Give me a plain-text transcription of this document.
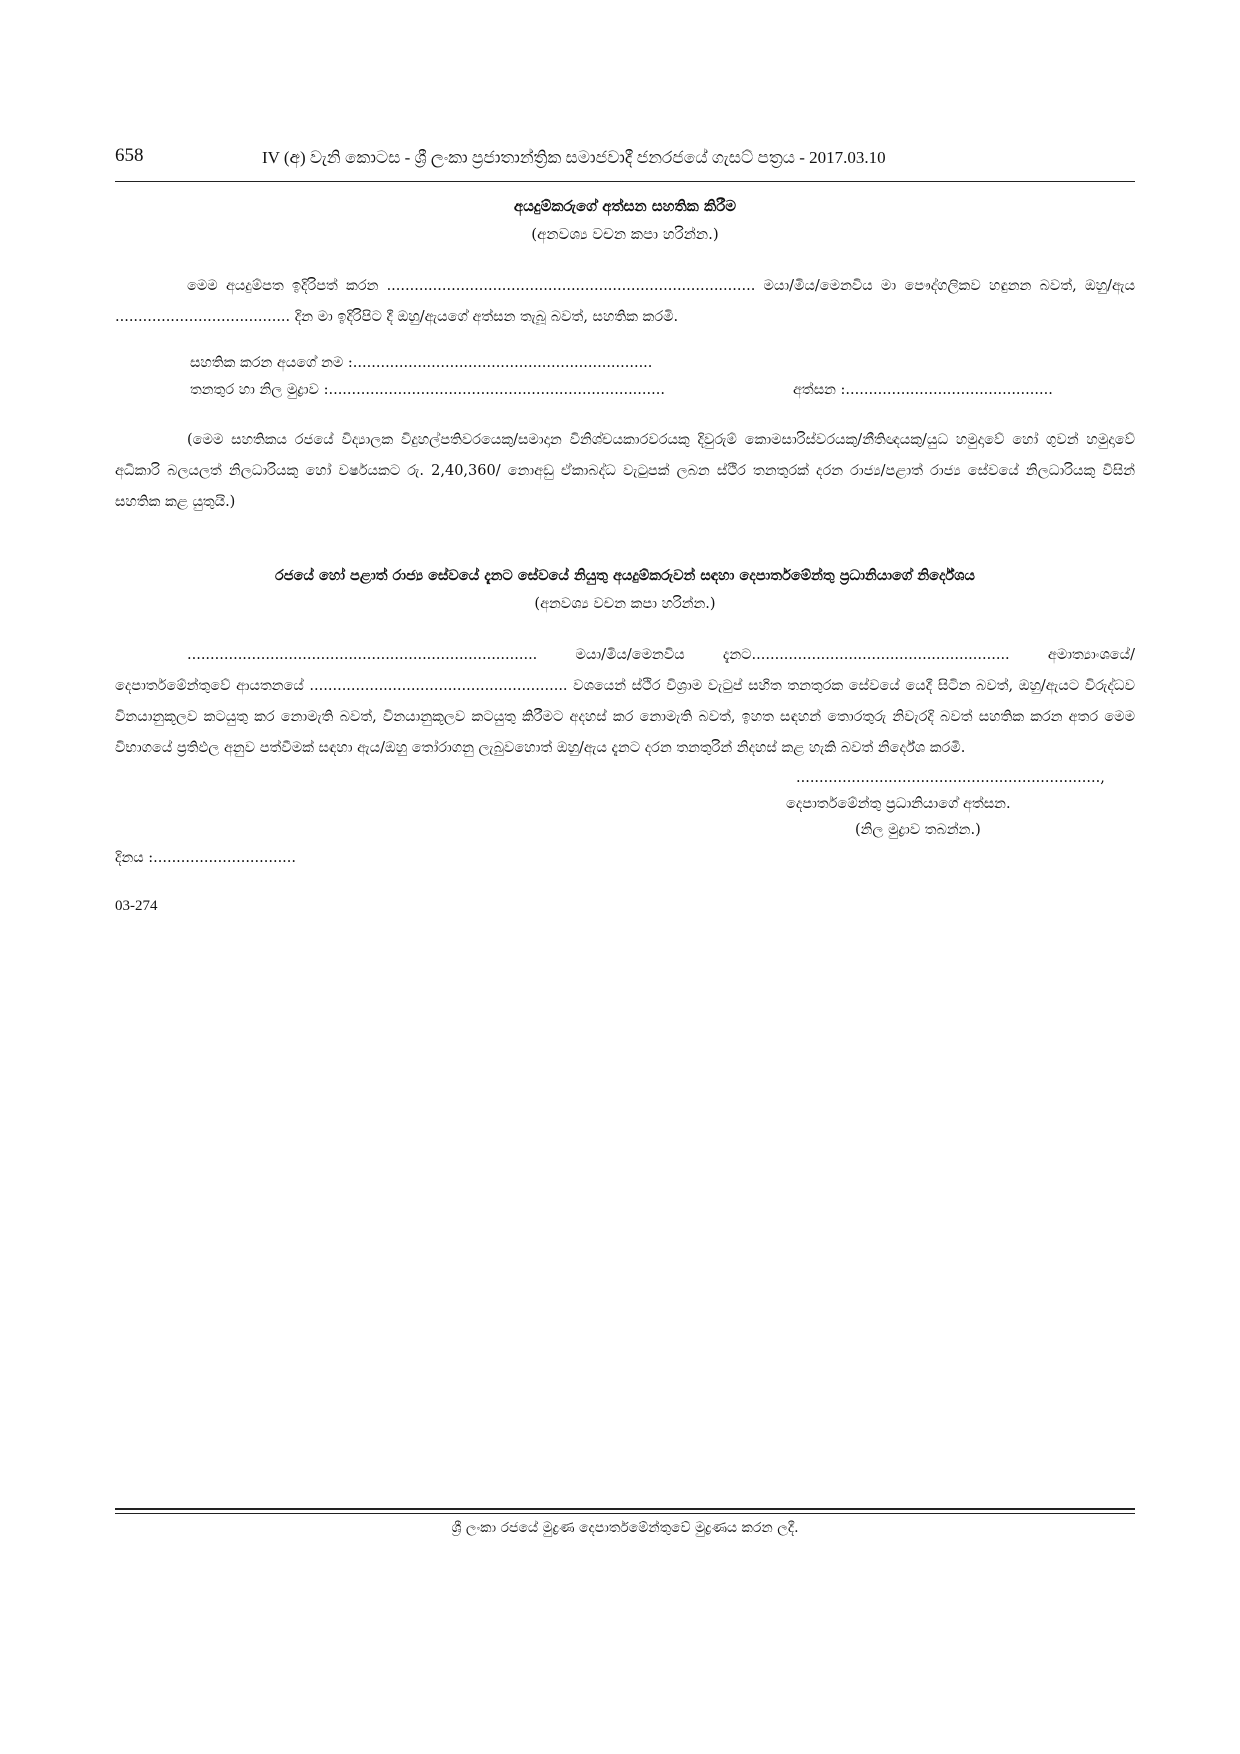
658	IV (අ) වැනි කොටස - ශ්‍රී ලංකා ප්‍රජාතාන්ත්‍රික සමාජවාදී ජනරජයේ ගැසට් පත්‍රය - 2017.03.10
අයදුම්කරුගේ අත්සන සහතික කිරීම
(අනවශ්‍ය වචන කපා හරින්න.)

මෙම අයදුම්පත ඉදිරිපත් කරන ................................................................................ මයා/මිය/මෙනවිය මා පෞද්ගලිකව හඳුනන බවත්, ඔහු/ඇය ...................................... දින මා ඉදිරිපිට දී ඔහු/ඇයගේ අත්සන තැබූ බවත්, සහතික කරමි.

සහතික කරන අයගේ නම :.................................................................
තනතුර හා නිල මුද්‍රාව :.........................................................................	අත්සන :.............................................

(මෙම සහතිකය රජයේ විද්‍යාලක විදුහල්පතිවරයෙකු/සමාදාන විනිශ්චයකාරවරයකු දිවුරුම් කොමසාරිස්වරයකු/නීතිඥයකු/යුධ හමුදාවේ හෝ ගුවන් හමුදාවේ අධිකාරි බලයලත් නිලධාරියකු හෝ වර්ෂයකට රු. 2,40,360/ නොඅඩු ඒකාබද්ධ වැටුපක් ලබන ස්ථිර තනතුරක් දරන රාජ්‍ය/පළාත් රාජ්‍ය සේවයේ නිලධාරියකු විසින් සහතික කළ යුතුයි.)

රජයේ හෝ පළාත් රාජ්‍ය සේවයේ දැනට සේවයේ නියුතු අයදුම්කරුවන් සඳහා දෙපාර්තමේන්තු ප්‍රධානියාගේ නිර්දේශය
(අනවශ්‍ය වචන කපා හරින්න.)

............................................................................ මයා/මිය/මෙනවිය දැනට........................................................ අමාත්‍යාංශයේ/ දෙපාර්තමේන්තුවේ ආයතනයේ ........................................................ වශයෙන් ස්ථිර විශ්‍රාම වැටුප් සහිත තනතුරක සේවයේ යෙදී සිටින බවත්, ඔහු/ඇයට විරුද්ධව විනයානුකූලව කටයුතු කර නොමැති බවත්, විනයානුකූලව කටයුතු කිරීමට අදහස් කර නොමැති බවත්, ඉහත සඳහන් තොරතුරු නිවැරදි බවත් සහතික කරන අතර මෙම විභාගයේ ප්‍රතිඵල අනුව පත්වීමක් සඳහා ඇය/ඔහු තෝරාගනු ලැබුවහොත් ඔහු/ඇය දැනට දරන තනතුරින් නිදහස් කළ හැකි බවත් නිර්දේශ කරමි.

..................................................................,
දෙපාර්තමේන්තු ප්‍රධානියාගේ අත්සන.
(නිල මුද්‍රාව තබන්න.)
දිනය :...............................
03-274
ශ්‍රී ලංකා රජයේ මුද්‍රණ දෙපාර්තමේන්තුවේ මුද්‍රණය කරන ලදී.
